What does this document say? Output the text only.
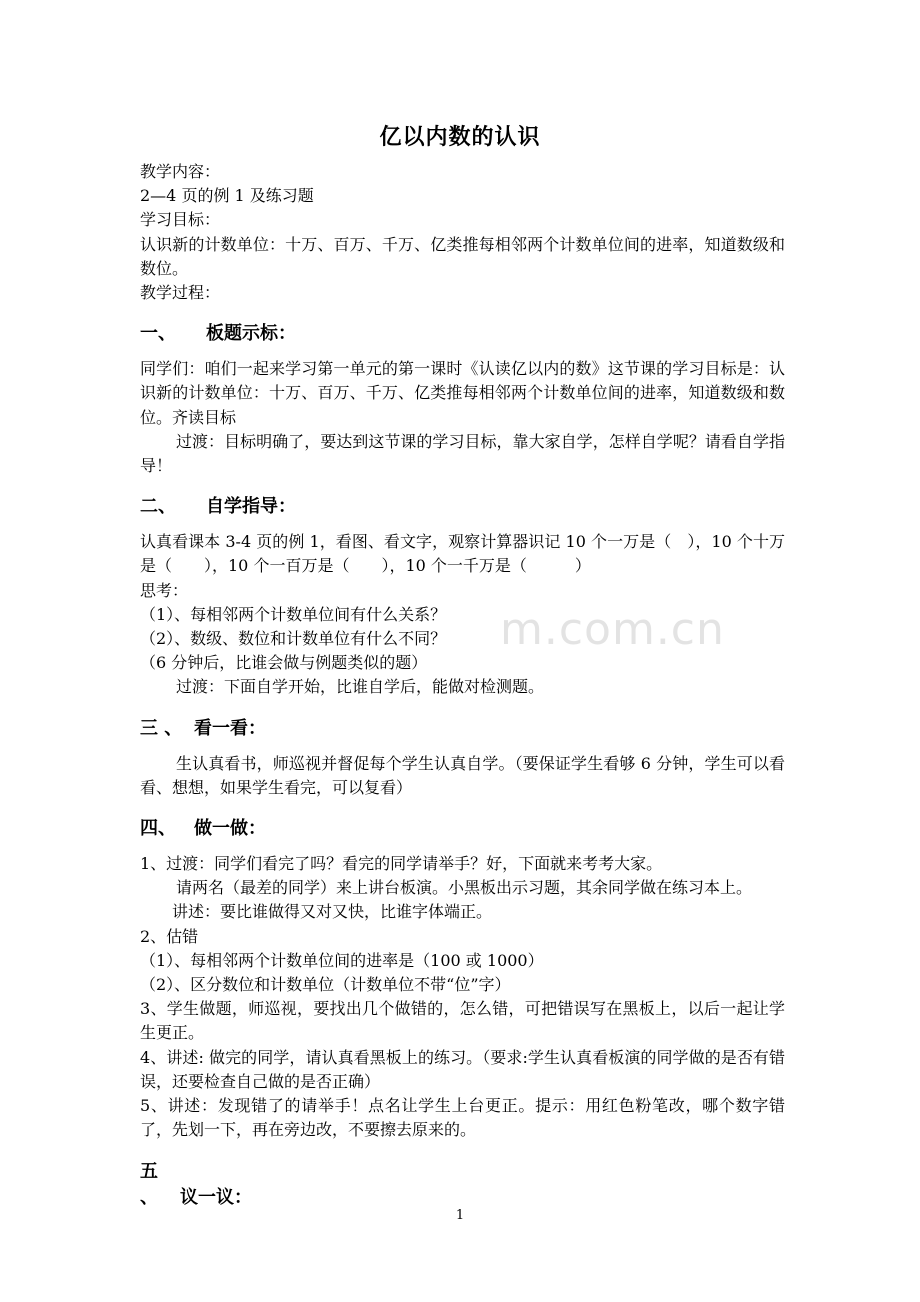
m.com.cn
亿以内数的认识

教学内容：

2—4 页的例 1 及练习题

学习目标：

认识新的计数单位：十万、百万、千万、亿类推每相邻两个计数单位间的进率，知道数级和数位。

教学过程：

一、 板题示标：

同学们：咱们一起来学习第一单元的第一课时《认读亿以内的数》这节课的学习目标是：认识新的计数单位：十万、百万、千万、亿类推每相邻两个计数单位间的进率，知道数级和数位。齐读目标

过渡：目标明确了，要达到这节课的学习目标，靠大家自学，怎样自学呢？请看自学指导！

二、 自学指导：

认真看课本 3-4 页的例 1，看图、看文字，观察计算器识记 10 个一万是（　），10 个十万是（　　），10 个一百万是（　　），10 个一千万是（　　　）

思考：

（1）、每相邻两个计数单位间有什么关系？

（2）、数级、数位和计数单位有什么不同？

（6 分钟后，比谁会做与例题类似的题）

过渡：下面自学开始，比谁自学后，能做对检测题。

三 、 看一看：

生认真看书，师巡视并督促每个学生认真自学。（要保证学生看够 6 分钟，学生可以看看、想想，如果学生看完，可以复看）

四、 做一做：

1、过渡：同学们看完了吗？看完的同学请举手？好，下面就来考考大家。

请两名（最差的同学）来上讲台板演。小黑板出示习题，其余同学做在练习本上。

讲述：要比谁做得又对又快，比谁字体端正。

2、估错

（1）、每相邻两个计数单位间的进率是（100 或 1000）

（2）、区分数位和计数单位（计数单位不带“位”字）

3、学生做题，师巡视，要找出几个做错的，怎么错，可把错误写在黑板上，以后一起让学生更正。

4、讲述: 做完的同学，请认真看黑板上的练习。（要求:学生认真看板演的同学做的是否有错误，还要检查自己做的是否正确）

5、讲述：发现错了的请举手！点名让学生上台更正。提示：用红色粉笔改，哪个数字错了，先划一下，再在旁边改，不要擦去原来的。

五 、 议一议：
1
